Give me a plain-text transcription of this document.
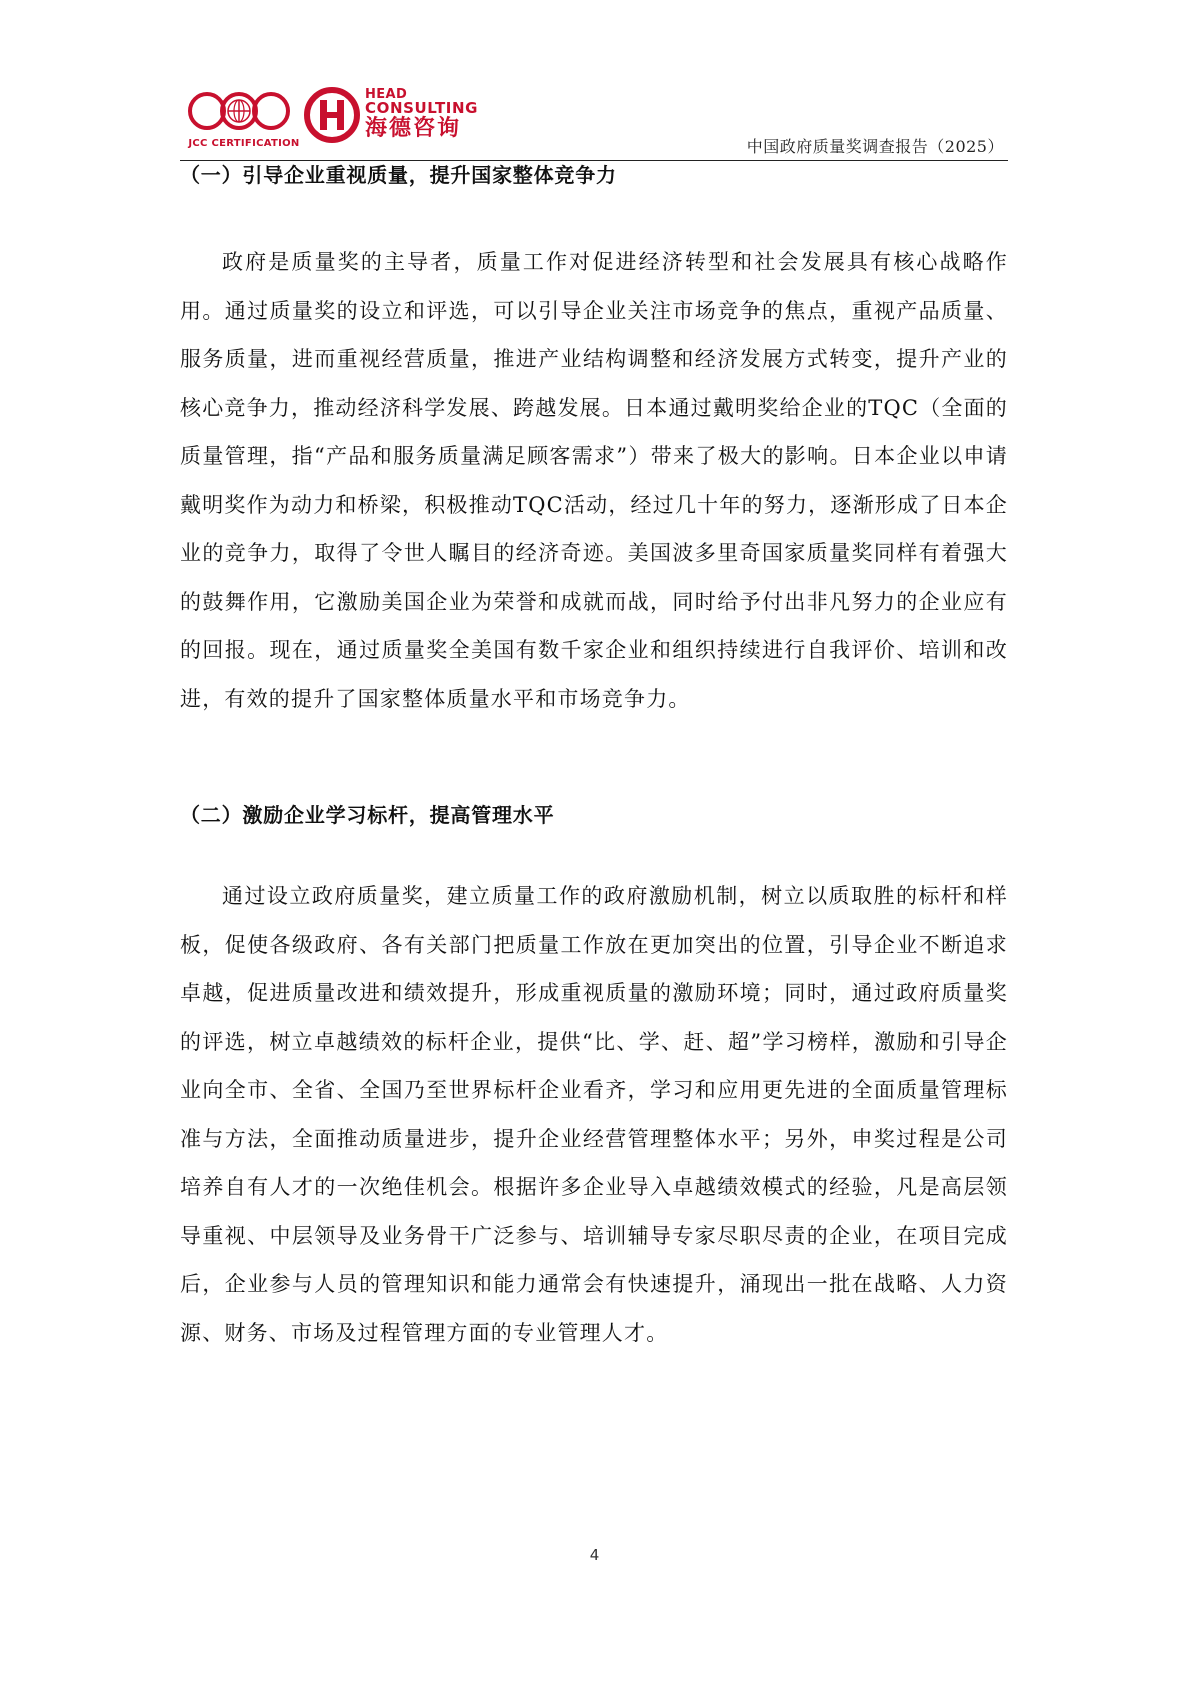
JCC CERTIFICATION
HEAD
CONSULTING
海德咨询
中国政府质量奖调查报告（2025）
（一）引导企业重视质量，提升国家整体竞争力

政府是质量奖的主导者，质量工作对促进经济转型和社会发展具有核心战略作用。通过质量奖的设立和评选，可以引导企业关注市场竞争的焦点，重视产品质量、服务质量，进而重视经营质量，推进产业结构调整和经济发展方式转变，提升产业的核心竞争力，推动经济科学发展、跨越发展。日本通过戴明奖给企业的TQC（全面的质量管理，指“产品和服务质量满足顾客需求”）带来了极大的影响。日本企业以申请戴明奖作为动力和桥梁，积极推动TQC活动，经过几十年的努力，逐渐形成了日本企业的竞争力，取得了令世人瞩目的经济奇迹。美国波多里奇国家质量奖同样有着强大的鼓舞作用，它激励美国企业为荣誉和成就而战，同时给予付出非凡努力的企业应有的回报。现在，通过质量奖全美国有数千家企业和组织持续进行自我评价、培训和改进，有效的提升了国家整体质量水平和市场竞争力。

（二）激励企业学习标杆，提高管理水平

通过设立政府质量奖，建立质量工作的政府激励机制，树立以质取胜的标杆和样板，促使各级政府、各有关部门把质量工作放在更加突出的位置，引导企业不断追求卓越，促进质量改进和绩效提升，形成重视质量的激励环境；同时，通过政府质量奖的评选，树立卓越绩效的标杆企业，提供“比、学、赶、超”学习榜样，激励和引导企业向全市、全省、全国乃至世界标杆企业看齐，学习和应用更先进的全面质量管理标准与方法，全面推动质量进步，提升企业经营管理整体水平；另外，申奖过程是公司培养自有人才的一次绝佳机会。根据许多企业导入卓越绩效模式的经验，凡是高层领导重视、中层领导及业务骨干广泛参与、培训辅导专家尽职尽责的企业，在项目完成后，企业参与人员的管理知识和能力通常会有快速提升，涌现出一批在战略、人力资源、财务、市场及过程管理方面的专业管理人才。

4
